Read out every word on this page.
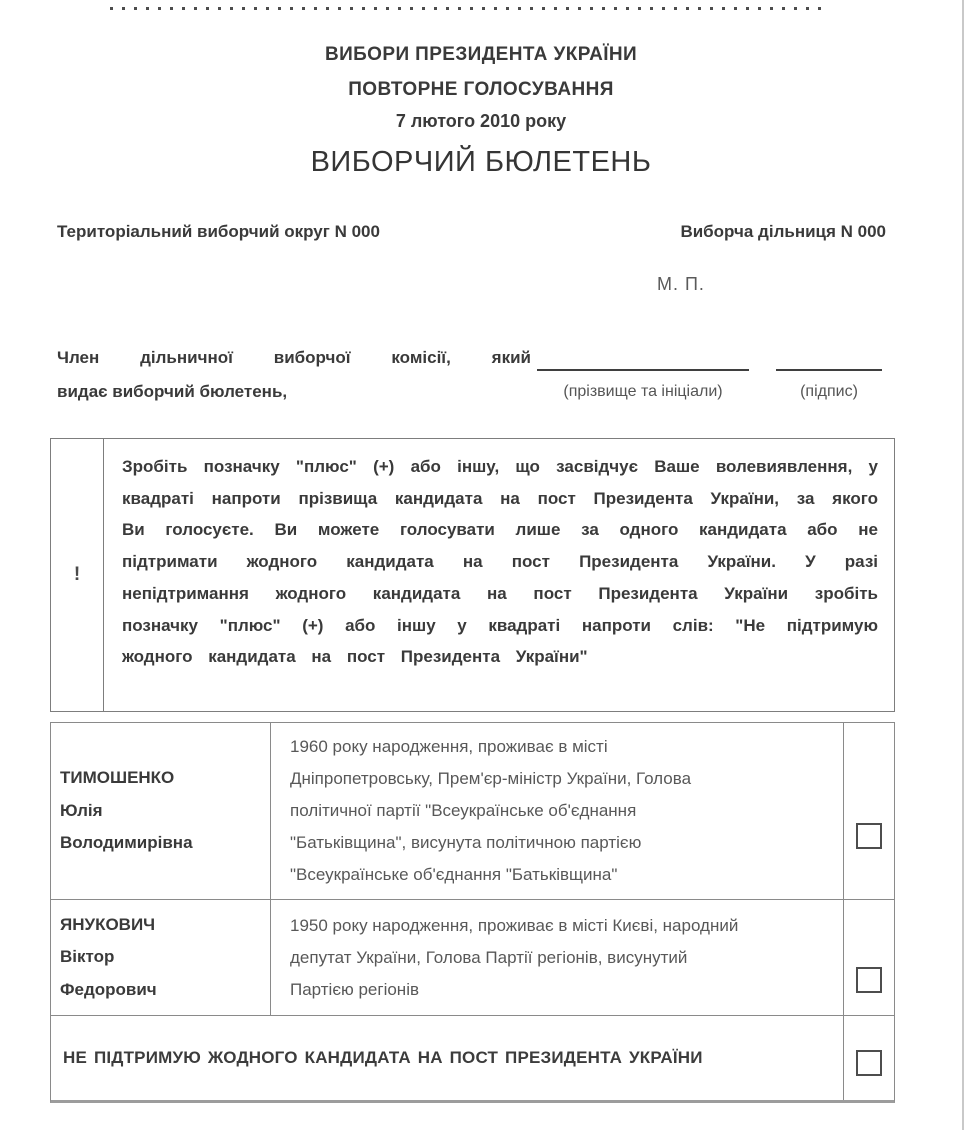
ВИБОРИ ПРЕЗИДЕНТА УКРАЇНИ
ПОВТОРНЕ ГОЛОСУВАННЯ
7 лютого 2010 року
ВИБОРЧИЙ БЮЛЕТЕНЬ
Територіальний виборчий округ N 000	Виборча дільниця N 000
М. П.
Член дільничної виборчої комісії, який
видає виборчий бюлетень,	(прізвище та ініціали)	(підпис)
!
Зробіть позначку "плюс" (+) або іншу, що засвідчує Ваше волевиявлення, у квадраті напроти прізвища кандидата на пост Президента України, за якого Ви голосуєте. Ви можете голосувати лише за одного кандидата або не підтримати жодного кандидата на пост Президента України. У разі непідтримання жодного кандидата на пост Президента України зробіть позначку "плюс" (+) або іншу у квадраті напроти слів: "Не підтримую жодного кандидата на пост Президента України"
ТИМОШЕНКО
Юлія
Володимирівна
1960 року народження, проживає в місті Дніпропетровську, Прем'єр-міністр України, Голова політичної партії "Всеукраїнське об'єднання "Батьківщина", висунута політичною партією "Всеукраїнське об'єднання "Батьківщина"
ЯНУКОВИЧ
Віктор
Федорович
1950 року народження, проживає в місті Києві, народний депутат України, Голова Партії регіонів, висунутий Партією регіонів
НЕ ПІДТРИМУЮ ЖОДНОГО КАНДИДАТА НА ПОСТ ПРЕЗИДЕНТА УКРАЇНИ
